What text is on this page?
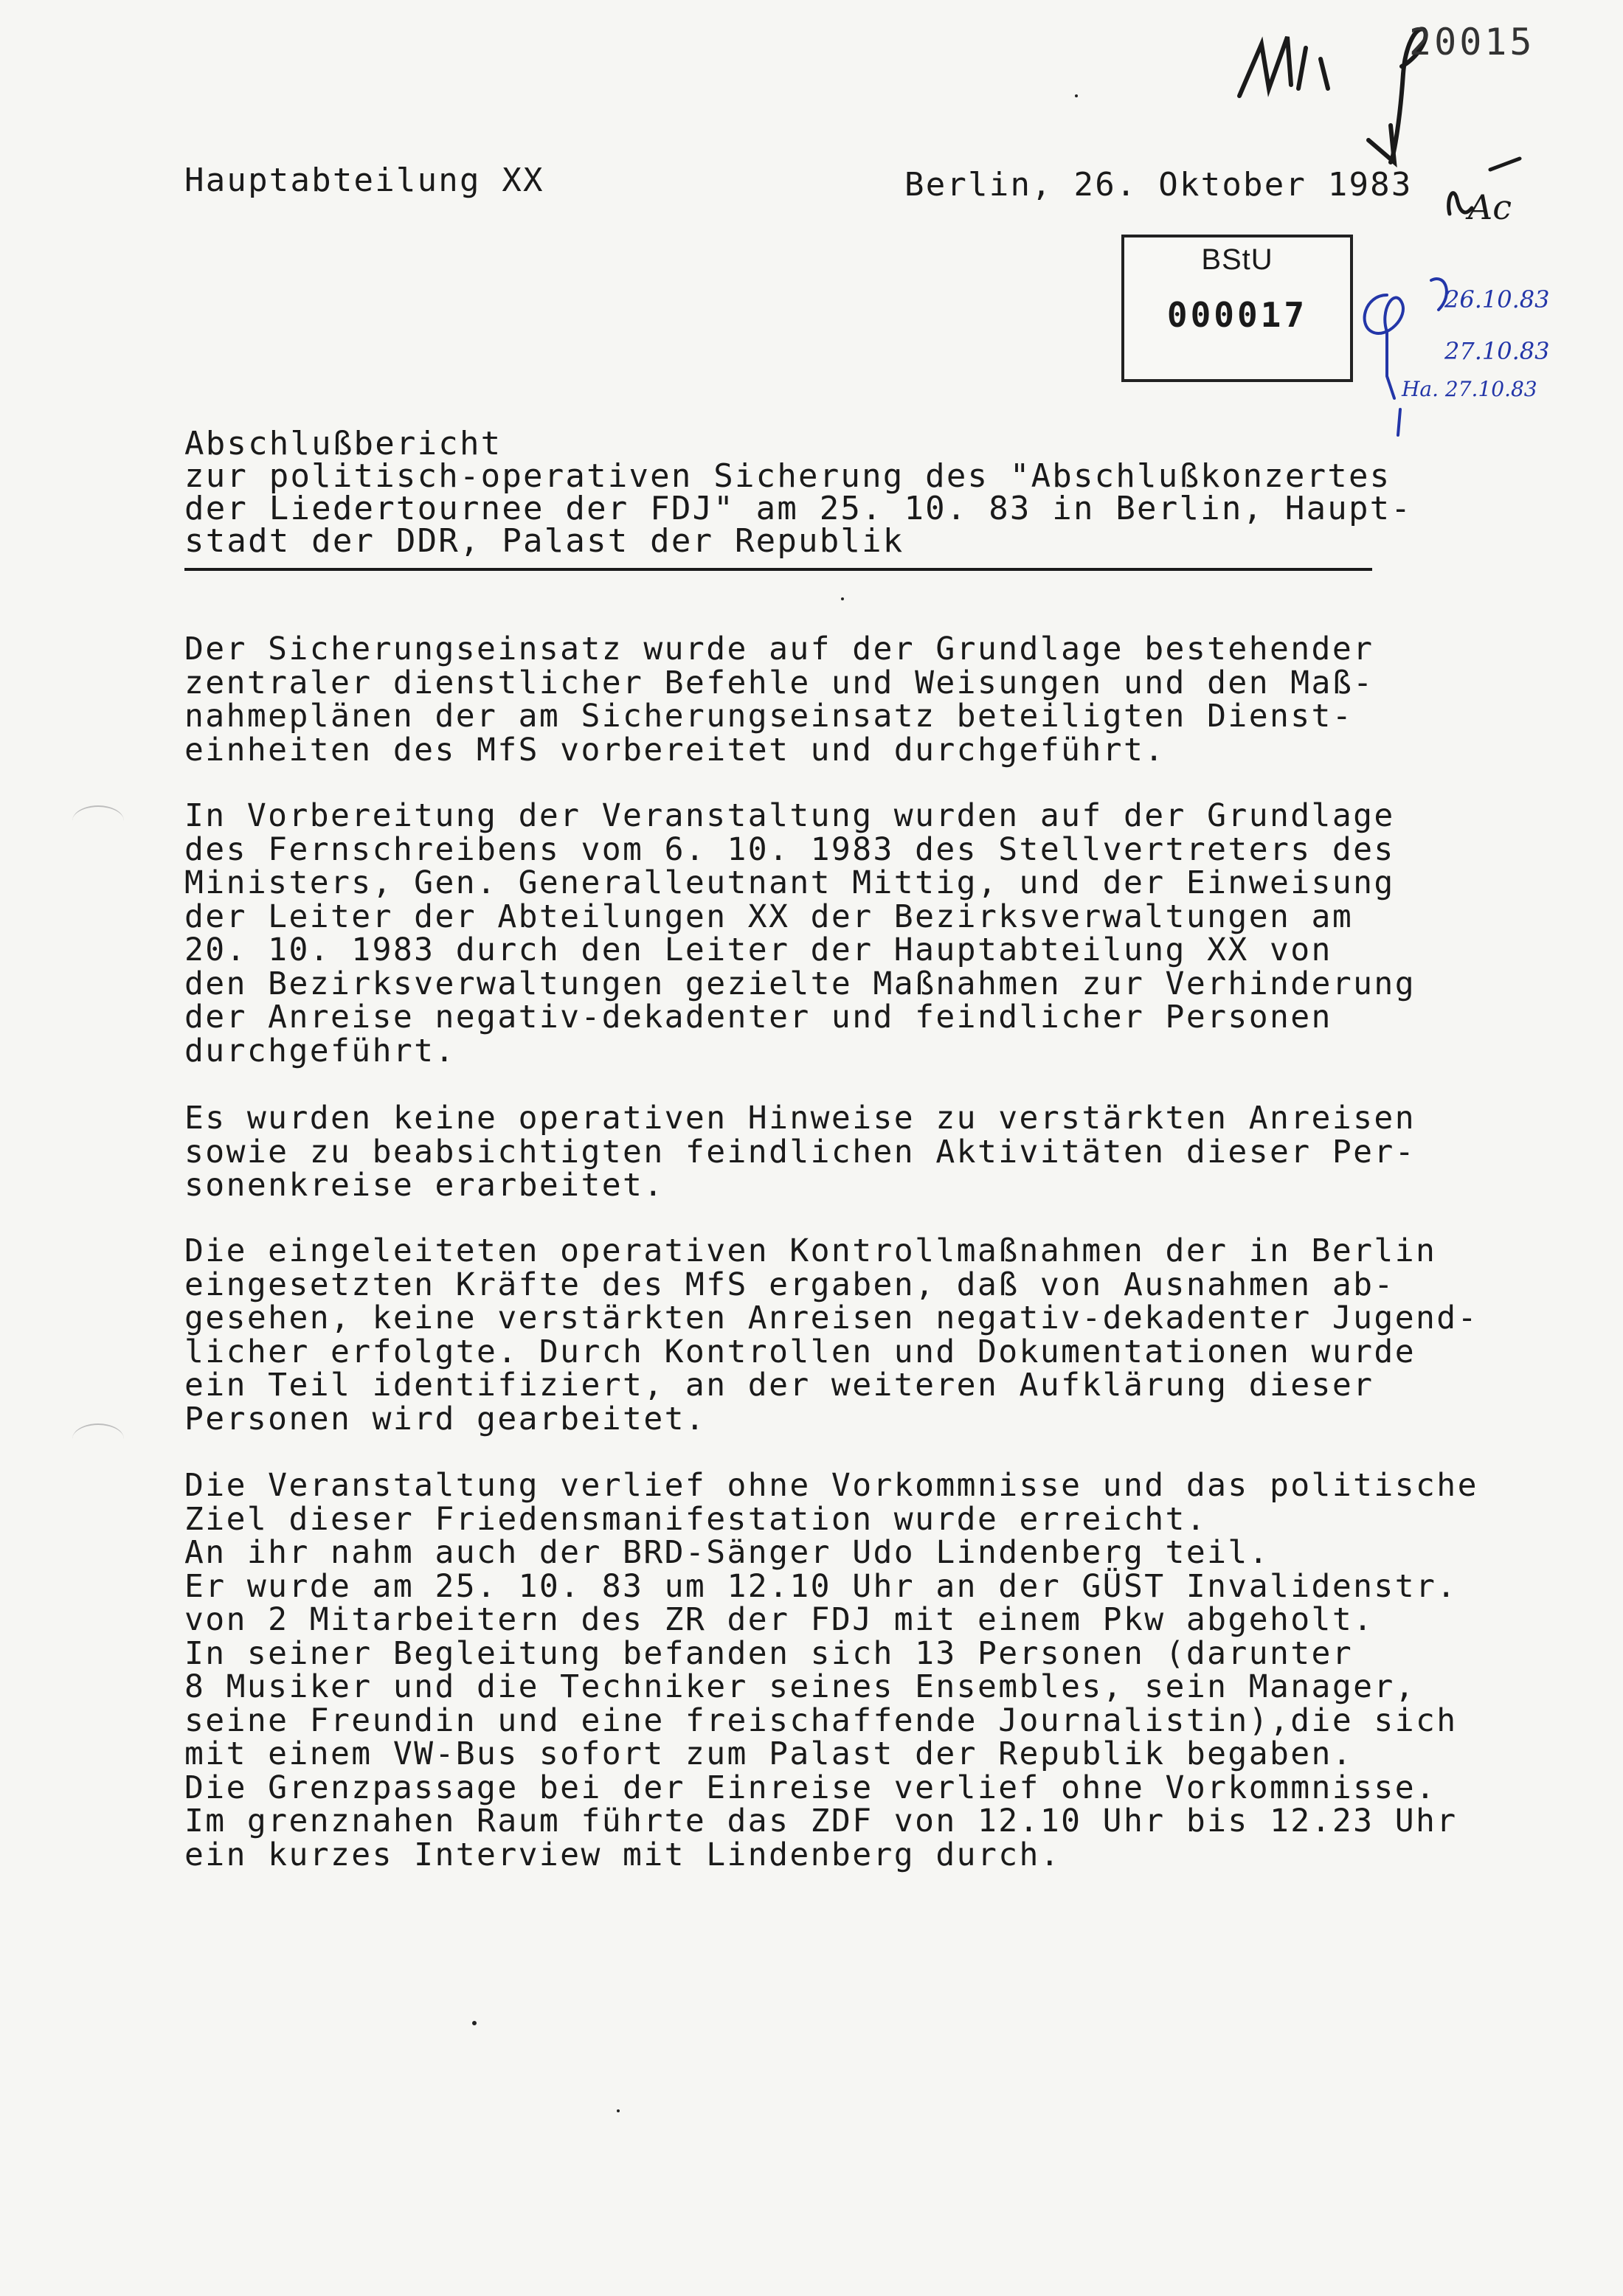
20015
Ac
Hauptabteilung XX	Berlin, 26. Oktober 1983
BStU
000017	26.10.83
27.10.83
Ha. 27.10.83
Abschlußbericht
zur politisch-operativen Sicherung des "Abschlußkonzertes
der Liedertournee der FDJ" am 25. 10. 83 in Berlin, Haupt-
stadt der DDR, Palast der Republik
Der Sicherungseinsatz wurde auf der Grundlage bestehender
zentraler dienstlicher Befehle und Weisungen und den Maß-
nahmeplänen der am Sicherungseinsatz beteiligten Dienst-
einheiten des MfS vorbereitet und durchgeführt.
In Vorbereitung der Veranstaltung wurden auf der Grundlage
des Fernschreibens vom 6. 10. 1983 des Stellvertreters des
Ministers, Gen. Generalleutnant Mittig, und der Einweisung
der Leiter der Abteilungen XX der Bezirksverwaltungen am
20. 10. 1983 durch den Leiter der Hauptabteilung XX von
den Bezirksverwaltungen gezielte Maßnahmen zur Verhinderung
der Anreise negativ-dekadenter und feindlicher Personen
durchgeführt.
Es wurden keine operativen Hinweise zu verstärkten Anreisen
sowie zu beabsichtigten feindlichen Aktivitäten dieser Per-
sonenkreise erarbeitet.
Die eingeleiteten operativen Kontrollmaßnahmen der in Berlin
eingesetzten Kräfte des MfS ergaben, daß von Ausnahmen ab-
gesehen, keine verstärkten Anreisen negativ-dekadenter Jugend-
licher erfolgte. Durch Kontrollen und Dokumentationen wurde
ein Teil identifiziert, an der weiteren Aufklärung dieser
Personen wird gearbeitet.
Die Veranstaltung verlief ohne Vorkommnisse und das politische
Ziel dieser Friedensmanifestation wurde erreicht.
An ihr nahm auch der BRD-Sänger Udo Lindenberg teil.
Er wurde am 25. 10. 83 um 12.10 Uhr an der GÜST Invalidenstr.
von 2 Mitarbeitern des ZR der FDJ mit einem Pkw abgeholt.
In seiner Begleitung befanden sich 13 Personen (darunter
8 Musiker und die Techniker seines Ensembles, sein Manager,
seine Freundin und eine freischaffende Journalistin),die sich
mit einem VW-Bus sofort zum Palast der Republik begaben.
Die Grenzpassage bei der Einreise verlief ohne Vorkommnisse.
Im grenznahen Raum führte das ZDF von 12.10 Uhr bis 12.23 Uhr
ein kurzes Interview mit Lindenberg durch.
